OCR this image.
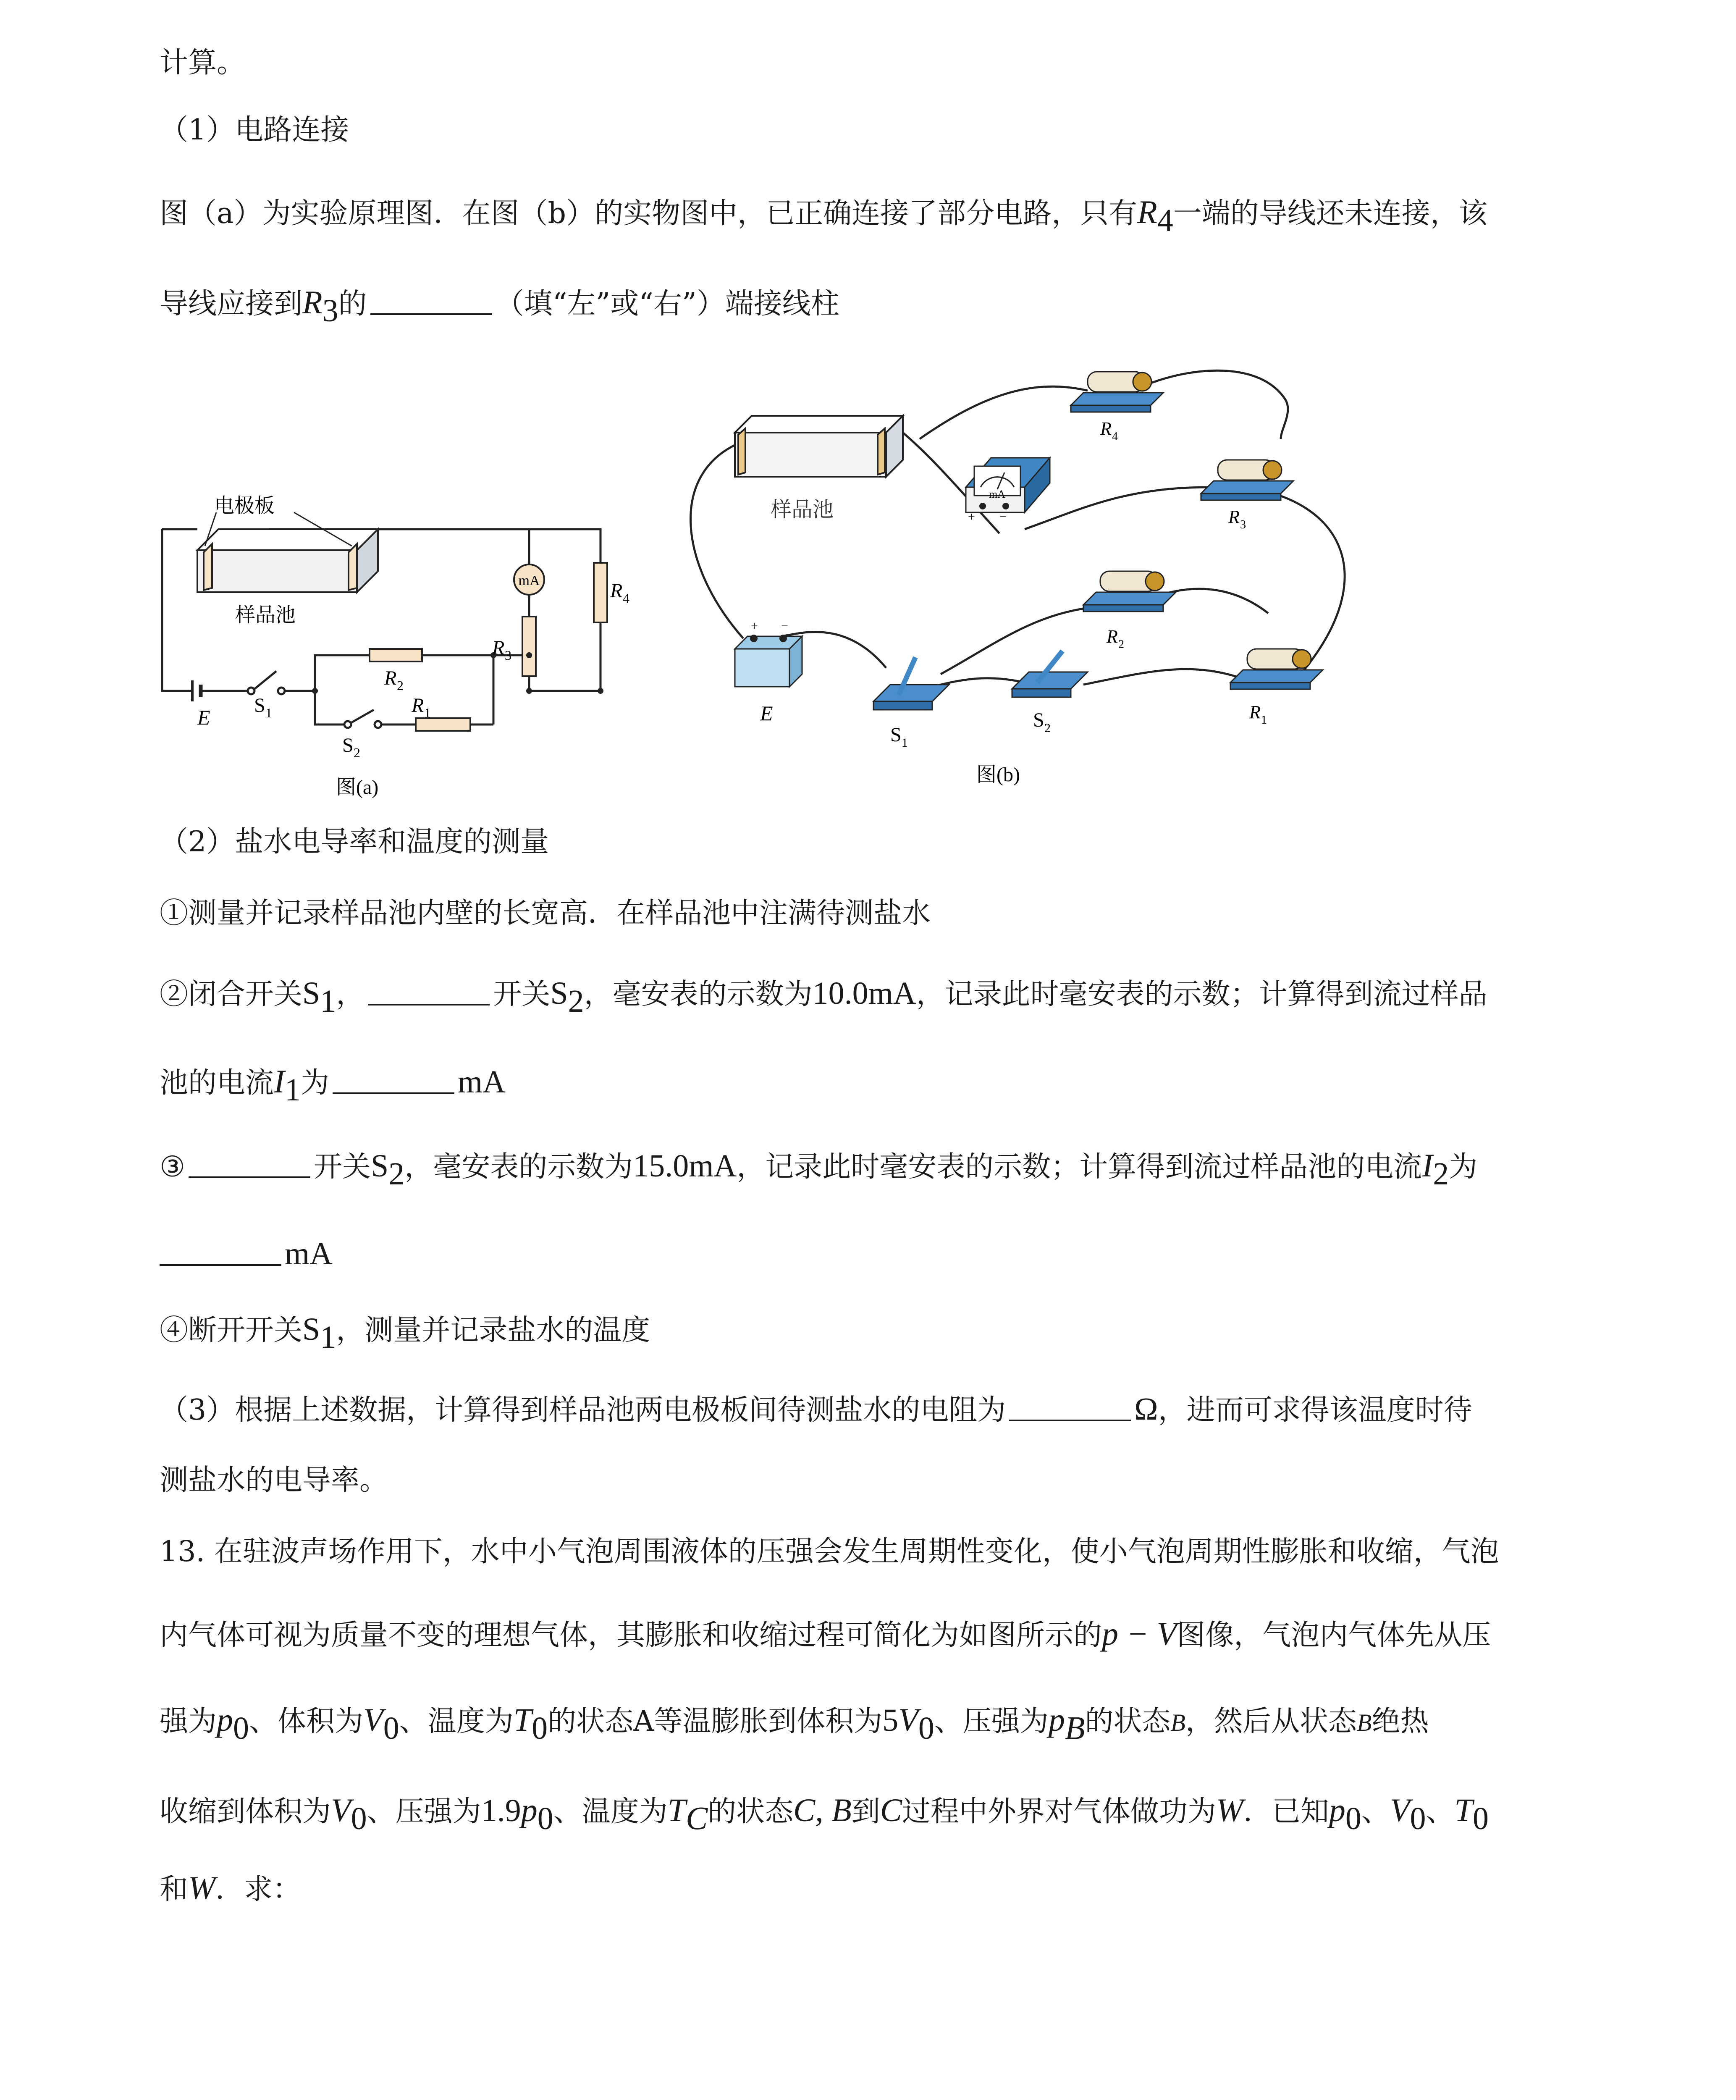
计算。
（1）电路连接
图（a）为实验原理图．在图（b）的实物图中，已正确连接了部分电路，只有$R_4$一端的导线还未连接，该
导线应接到$R_3$的	（填“左”或“右”）端接线柱
mA
电极板
样品池
E
S 1
S 2
R 2
R 1
R 3
R 4
图(a)
样品池
mA
+ −
+ −
E
S 1
S 2
图(b)
R 4
R 3
R 2
R 1
（2）盐水电导率和温度的测量
①测量并记录样品池内壁的长宽高．在样品池中注满待测盐水
②闭合开关$S_1$，	开关$S_2$，毫安表的示数为10.0mA，记录此时毫安表的示数；计算得到流过样品
池的电流$I_1$为	mA
③	开关$S_2$，毫安表的示数为15.0mA，记录此时毫安表的示数；计算得到流过样品池的电流$I_2$为
mA
④断开开关$S_1$，测量并记录盐水的温度
（3）根据上述数据，计算得到样品池两电极板间待测盐水的电阻为	Ω，进而可求得该温度时待
测盐水的电导率。
13. 在驻波声场作用下，水中小气泡周围液体的压强会发生周期性变化，使小气泡周期性膨胀和收缩，气泡
内气体可视为质量不变的理想气体，其膨胀和收缩过程可简化为如图所示的p − V图像，气泡内气体先从压
强为$p_0$、体积为$V_0$、温度为$T_0$的状态A等温膨胀到体积为$5V_0$、压强为$p_B$的状态B，然后从状态B绝热
收缩到体积为$V_0$、压强为$1.9p_0$、温度为$T_C$的状态C, B到C过程中外界对气体做功为W．已知$p_0$、$V_0$、$T_0$
和W．求：
